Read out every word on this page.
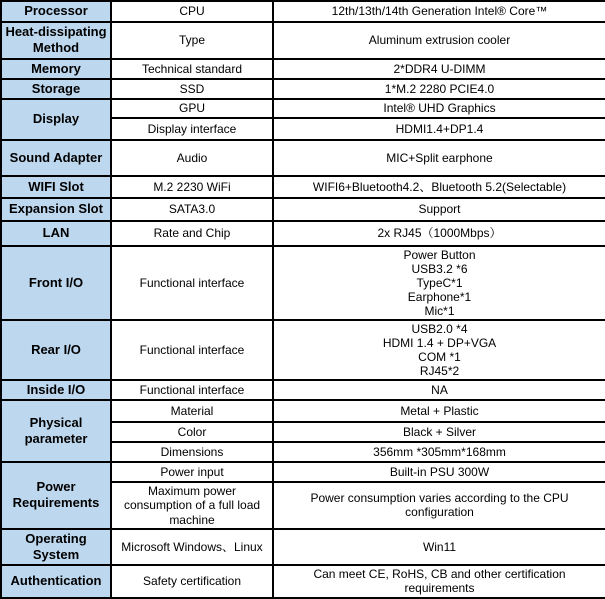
Processor	CPU	12th/13th/14th Generation Intel® Core™
Heat-dissipating Method	Type	Aluminum extrusion cooler
Memory	Technical standard	2*DDR4 U-DIMM
Storage	SSD	1*M.2 2280 PCIE4.0
Display	GPU	Intel® UHD Graphics
	Display interface	HDMI1.4+DP1.4
Sound Adapter	Audio	MIC+Split earphone
WIFI Slot	M.2 2230 WiFi	WIFI6+Bluetooth4.2、Bluetooth 5.2(Selectable)
Expansion Slot	SATA3.0	Support
LAN	Rate and Chip	2x RJ45（1000Mbps）
Front I/O	Functional interface	Power Button
USB3.2 *6
TypeC*1
Earphone*1
Mic*1

Rear I/O	Functional interface	USB2.0 *4
HDMI 1.4 + DP+VGA
COM *1
RJ45*2

Inside I/O	Functional interface	NA
Physical parameter	Material	Metal + Plastic
	Color	Black + Silver
	Dimensions	356mm *305mm*168mm
Power Requirements	Power input	Built-in PSU 300W
	Maximum power consumption of a full load machine	Power consumption varies according to the CPU configuration
Operating System	Microsoft Windows、Linux	Win11
Authentication	Safety certification	Can meet CE, RoHS, CB and other certification requirements
